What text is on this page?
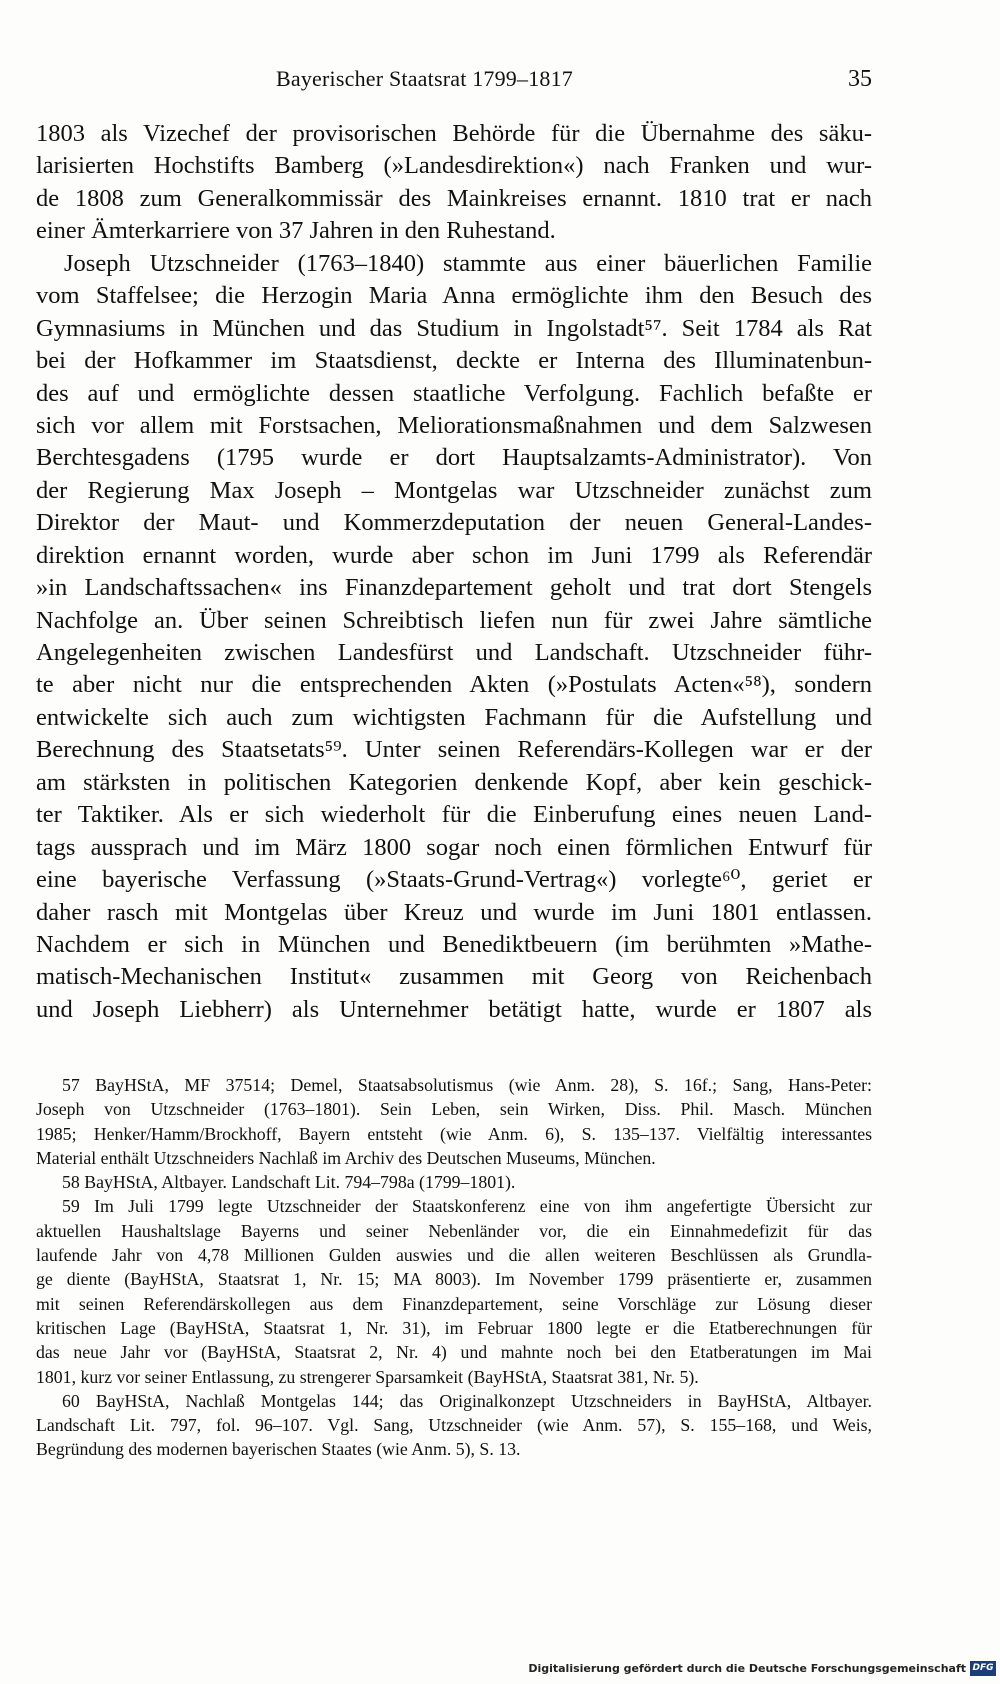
Bayerischer Staatsrat 1799–1817	35
1803 als Vizechef der provisorischen Behörde für die Übernahme des säku-
larisierten Hochstifts Bamberg (»Landesdirektion«) nach Franken und wur-
de 1808 zum Generalkommissär des Mainkreises ernannt. 1810 trat er nach
einer Ämterkarriere von 37 Jahren in den Ruhestand.
Joseph Utzschneider (1763–1840) stammte aus einer bäuerlichen Familie
vom Staffelsee; die Herzogin Maria Anna ermöglichte ihm den Besuch des
Gymnasiums in München und das Studium in Ingolstadt⁵⁷. Seit 1784 als Rat
bei der Hofkammer im Staatsdienst, deckte er Interna des Illuminatenbun-
des auf und ermöglichte dessen staatliche Verfolgung. Fachlich befaßte er
sich vor allem mit Forstsachen, Meliorationsmaßnahmen und dem Salzwesen
Berchtesgadens (1795 wurde er dort Hauptsalzamts-Administrator). Von
der Regierung Max Joseph – Montgelas war Utzschneider zunächst zum
Direktor der Maut- und Kommerzdeputation der neuen General-Landes-
direktion ernannt worden, wurde aber schon im Juni 1799 als Referendär
»in Landschaftssachen« ins Finanzdepartement geholt und trat dort Stengels
Nachfolge an. Über seinen Schreibtisch liefen nun für zwei Jahre sämtliche
Angelegenheiten zwischen Landesfürst und Landschaft. Utzschneider führ-
te aber nicht nur die entsprechenden Akten (»Postulats Acten«⁵⁸), sondern
entwickelte sich auch zum wichtigsten Fachmann für die Aufstellung und
Berechnung des Staatsetats⁵⁹. Unter seinen Referendärs-Kollegen war er der
am stärksten in politischen Kategorien denkende Kopf, aber kein geschick-
ter Taktiker. Als er sich wiederholt für die Einberufung eines neuen Land-
tags aussprach und im März 1800 sogar noch einen förmlichen Entwurf für
eine bayerische Verfassung (»Staats-Grund-Vertrag«) vorlegte⁶⁰, geriet er
daher rasch mit Montgelas über Kreuz und wurde im Juni 1801 entlassen.
Nachdem er sich in München und Benediktbeuern (im berühmten »Mathe-
matisch-Mechanischen Institut« zusammen mit Georg von Reichenbach
und Joseph Liebherr) als Unternehmer betätigt hatte, wurde er 1807 als
57 BayHStA, MF 37514; Demel, Staatsabsolutismus (wie Anm. 28), S. 16f.; Sang, Hans-Peter:
Joseph von Utzschneider (1763–1801). Sein Leben, sein Wirken, Diss. Phil. Masch. München
1985; Henker/Hamm/Brockhoff, Bayern entsteht (wie Anm. 6), S. 135–137. Vielfältig interessantes
Material enthält Utzschneiders Nachlaß im Archiv des Deutschen Museums, München.
58 BayHStA, Altbayer. Landschaft Lit. 794–798a (1799–1801).
59 Im Juli 1799 legte Utzschneider der Staatskonferenz eine von ihm angefertigte Übersicht zur
aktuellen Haushaltslage Bayerns und seiner Nebenländer vor, die ein Einnahmedefizit für das
laufende Jahr von 4,78 Millionen Gulden auswies und die allen weiteren Beschlüssen als Grundla-
ge diente (BayHStA, Staatsrat 1, Nr. 15; MA 8003). Im November 1799 präsentierte er, zusammen
mit seinen Referendärskollegen aus dem Finanzdepartement, seine Vorschläge zur Lösung dieser
kritischen Lage (BayHStA, Staatsrat 1, Nr. 31), im Februar 1800 legte er die Etatberechnungen für
das neue Jahr vor (BayHStA, Staatsrat 2, Nr. 4) und mahnte noch bei den Etatberatungen im Mai
1801, kurz vor seiner Entlassung, zu strengerer Sparsamkeit (BayHStA, Staatsrat 381, Nr. 5).
60 BayHStA, Nachlaß Montgelas 144; das Originalkonzept Utzschneiders in BayHStA, Altbayer.
Landschaft Lit. 797, fol. 96–107. Vgl. Sang, Utzschneider (wie Anm. 57), S. 155–168, und Weis,
Begründung des modernen bayerischen Staates (wie Anm. 5), S. 13.
Digitalisierung gefördert durch die Deutsche Forschungsgemeinschaft DFG
